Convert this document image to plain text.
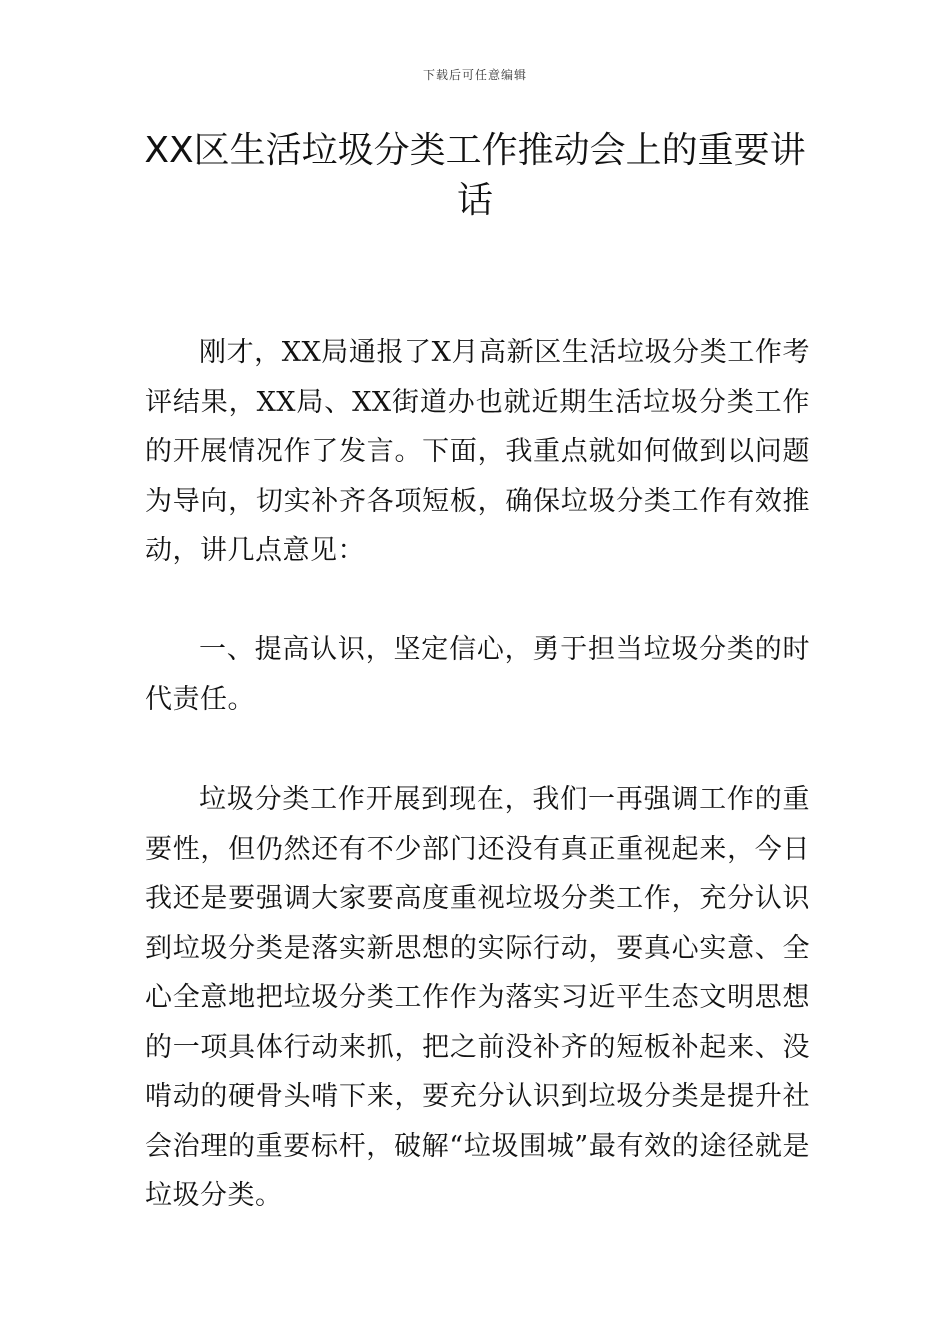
下载后可任意编辑
XX区生活垃圾分类工作推动会上的重要讲话

刚才，XX局通报了X月高新区生活垃圾分类工作考评结果，XX局、XX街道办也就近期生活垃圾分类工作的开展情况作了发言。下面，我重点就如何做到以问题为导向，切实补齐各项短板，确保垃圾分类工作有效推动，讲几点意见：

一、提高认识，坚定信心，勇于担当垃圾分类的时代责任。

垃圾分类工作开展到现在，我们一再强调工作的重要性，但仍然还有不少部门还没有真正重视起来，今日我还是要强调大家要高度重视垃圾分类工作，充分认识到垃圾分类是落实新思想的实际行动，要真心实意、全心全意地把垃圾分类工作作为落实习近平生态文明思想的一项具体行动来抓，把之前没补齐的短板补起来、没啃动的硬骨头啃下来，要充分认识到垃圾分类是提升社会治理的重要标杆，破解“垃圾围城”最有效的途径就是垃圾分类。
